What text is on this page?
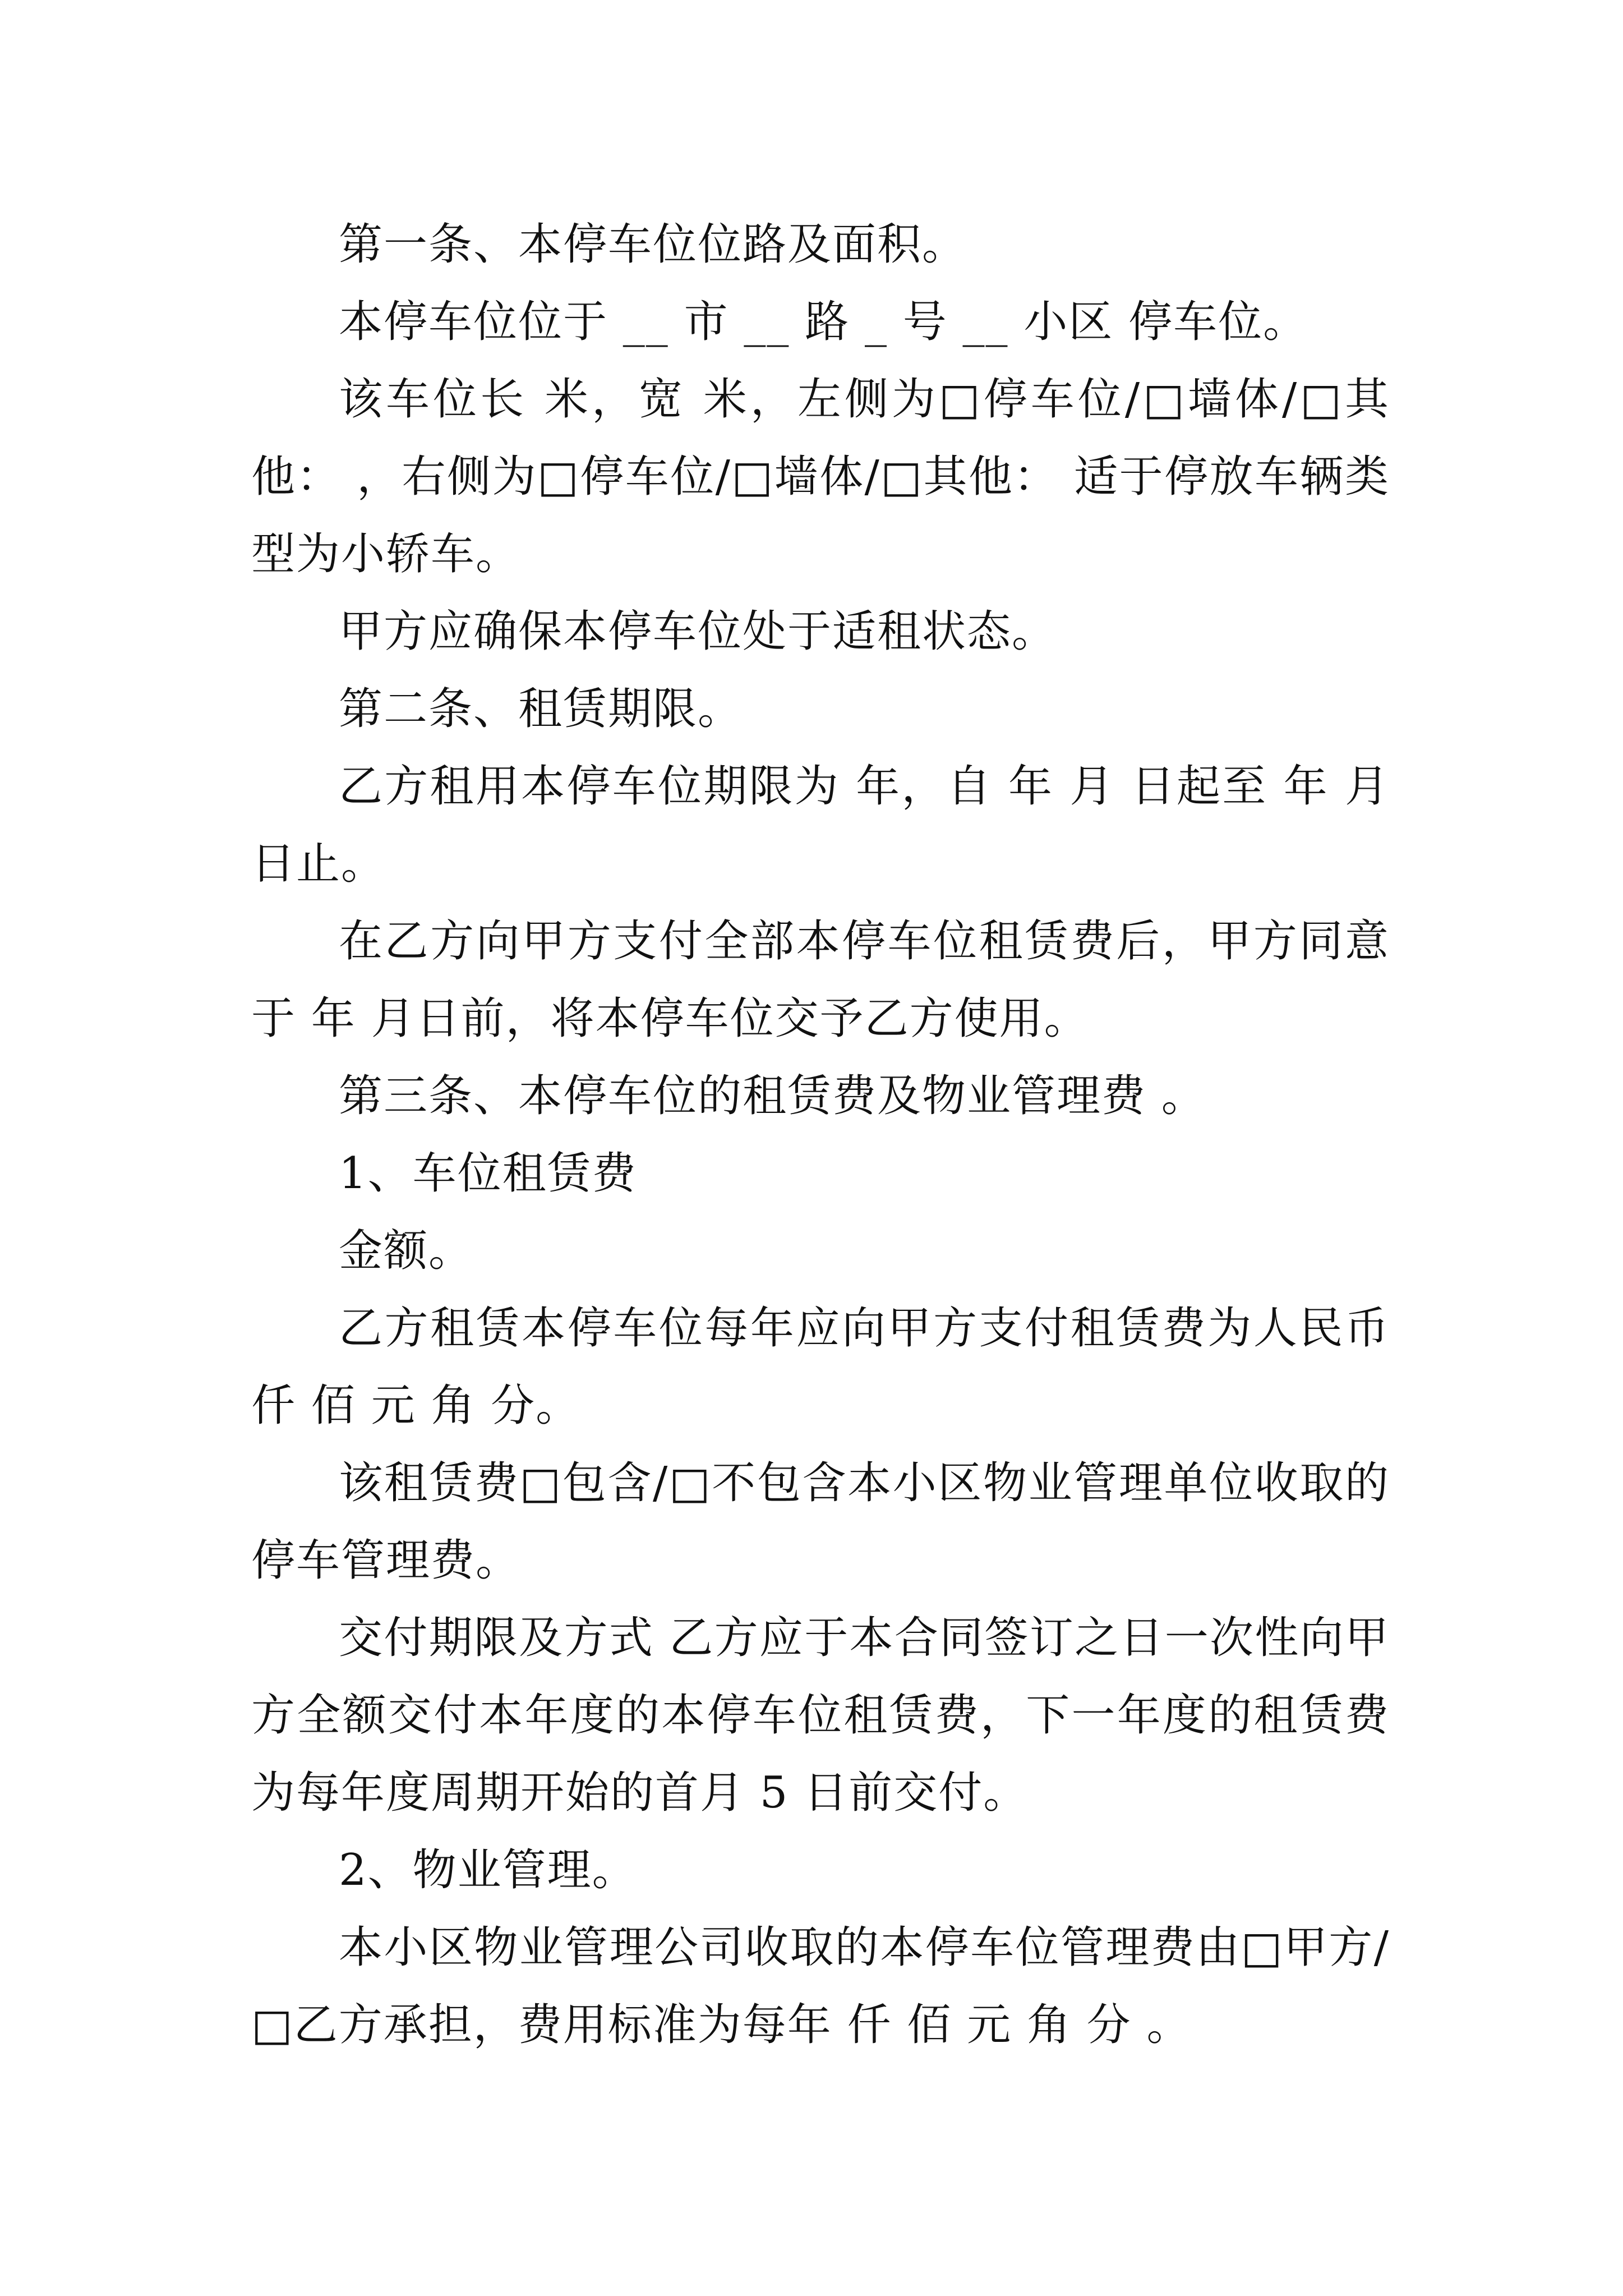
第一条、本停车位位路及面积。

本停车位位于 __ 市 __ 路 _ 号 __ 小区 停车位。

该车位长 米，宽 米，左侧为□停车位/□墙体/□其他： ，右侧为□停车位/□墙体/□其他： 适于停放车辆类型为小轿车。

甲方应确保本停车位处于适租状态。

第二条、租赁期限。

乙方租用本停车位期限为 年，自 年 月 日起至 年 月日止。

在乙方向甲方支付全部本停车位租赁费后，甲方同意于 年 月日前，将本停车位交予乙方使用。

第三条、本停车位的租赁费及物业管理费 。

1、车位租赁费

金额。

乙方租赁本停车位每年应向甲方支付租赁费为人民币 仟 佰 元 角 分。

该租赁费□包含/□不包含本小区物业管理单位收取的停车管理费。

交付期限及方式 乙方应于本合同签订之日一次性向甲方全额交付本年度的本停车位租赁费，下一年度的租赁费为每年度周期开始的首月 5 日前交付。

2、物业管理。

本小区物业管理公司收取的本停车位管理费由□甲方/□乙方承担，费用标准为每年 仟 佰 元 角 分 。
